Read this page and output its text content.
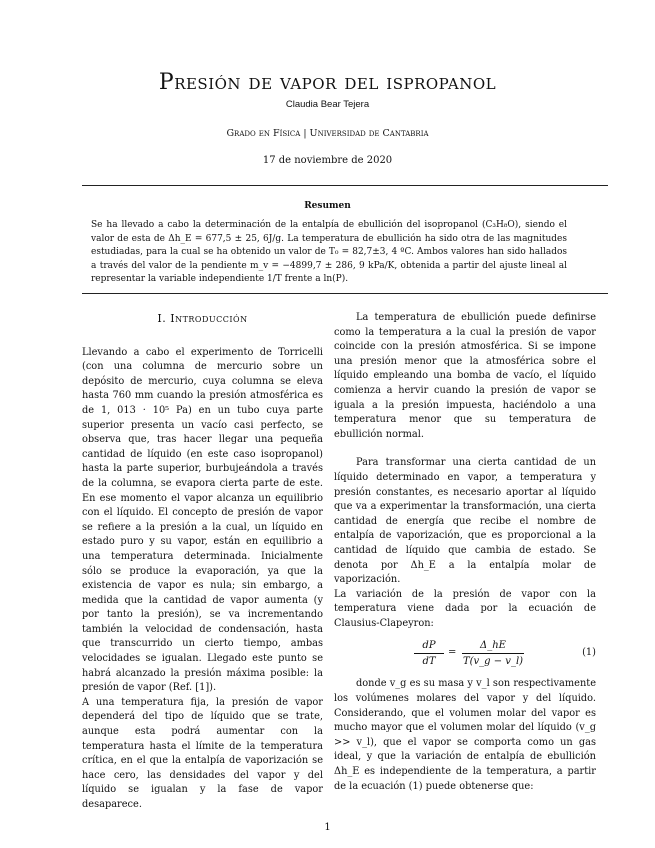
Presión de vapor del ispropanol
Claudia Bear Tejera
Grado en Física | Universidad de Cantabria
17 de noviembre de 2020
Resumen
Se ha llevado a cabo la determinación de la entalpía de ebullición del isopropanol (C₃H₈O), siendo el valor de esta de Δh_E = 677,5 ± 25, 6J/g. La temperatura de ebullición ha sido otra de las magnitudes estudiadas, para la cual se ha obtenido un valor de T₀ = 82,7±3, 4 ºC. Ambos valores han sido hallados a través del valor de la pendiente m_v = −4899,7 ± 286, 9 kPa/K, obtenida a partir del ajuste lineal al representar la variable independiente 1/T frente a ln(P).
I. Introducción

Llevando a cabo el experimento de Torricelli (con una columna de mercurio sobre un depósito de mercurio, cuya columna se eleva hasta 760 mm cuando la presión atmosférica es de 1, 013 · 10⁵ Pa) en un tubo cuya parte superior presenta un vacío casi perfecto, se observa que, tras hacer llegar una pequeña cantidad de líquido (en este caso isopropanol) hasta la parte superior, burbujeándola a través de la columna, se evapora cierta parte de este. En ese momento el vapor alcanza un equilibrio con el líquido. El concepto de presión de vapor se refiere a la presión a la cual, un líquido en estado puro y su vapor, están en equilibrio a una temperatura determinada. Inicialmente sólo se produce la evaporación, ya que la existencia de vapor es nula; sin embargo, a medida que la cantidad de vapor aumenta (y por tanto la presión), se va incrementando también la velocidad de condensación, hasta que transcurrido un cierto tiempo, ambas velocidades se igualan. Llegado este punto se habrá alcanzado la presión máxima posible: la presión de vapor (Ref. [1]).

A una temperatura fija, la presión de vapor dependerá del tipo de líquido que se trate, aunque esta podrá aumentar con la temperatura hasta el límite de la temperatura crítica, en el que la entalpía de vaporización se hace cero, las densidades del vapor y del líquido se igualan y la fase de vapor desaparece.

La temperatura de ebullición puede definirse como la temperatura a la cual la presión de vapor coincide con la presión atmosférica. Si se impone una presión menor que la atmosférica sobre el líquido empleando una bomba de vacío, el líquido comienza a hervir cuando la presión de vapor se iguala a la presión impuesta, haciéndolo a una temperatura menor que su temperatura de ebullición normal.

Para transformar una cierta cantidad de un líquido determinado en vapor, a temperatura y presión constantes, es necesario aportar al líquido que va a experimentar la transformación, una cierta cantidad de energía que recibe el nombre de entalpía de vaporización, que es proporcional a la cantidad de líquido que cambia de estado. Se denota por Δh_E a la entalpía molar de vaporización.

La variación de la presión de vapor con la temperatura viene dada por la ecuación de Clausius-Clapeyron:

dP
dT
=
Δ_hE
T(v_g − v_l)
(1)

donde v_g es su masa y v_l son respectivamente los volúmenes molares del vapor y del líquido. Considerando, que el volumen molar del vapor es mucho mayor que el volumen molar del líquido (v_g >> v_l), que el vapor se comporta como un gas ideal, y que la variación de entalpía de ebullición Δh_E es independiente de la temperatura, a partir de la ecuación (1) puede obtenerse que:

1
